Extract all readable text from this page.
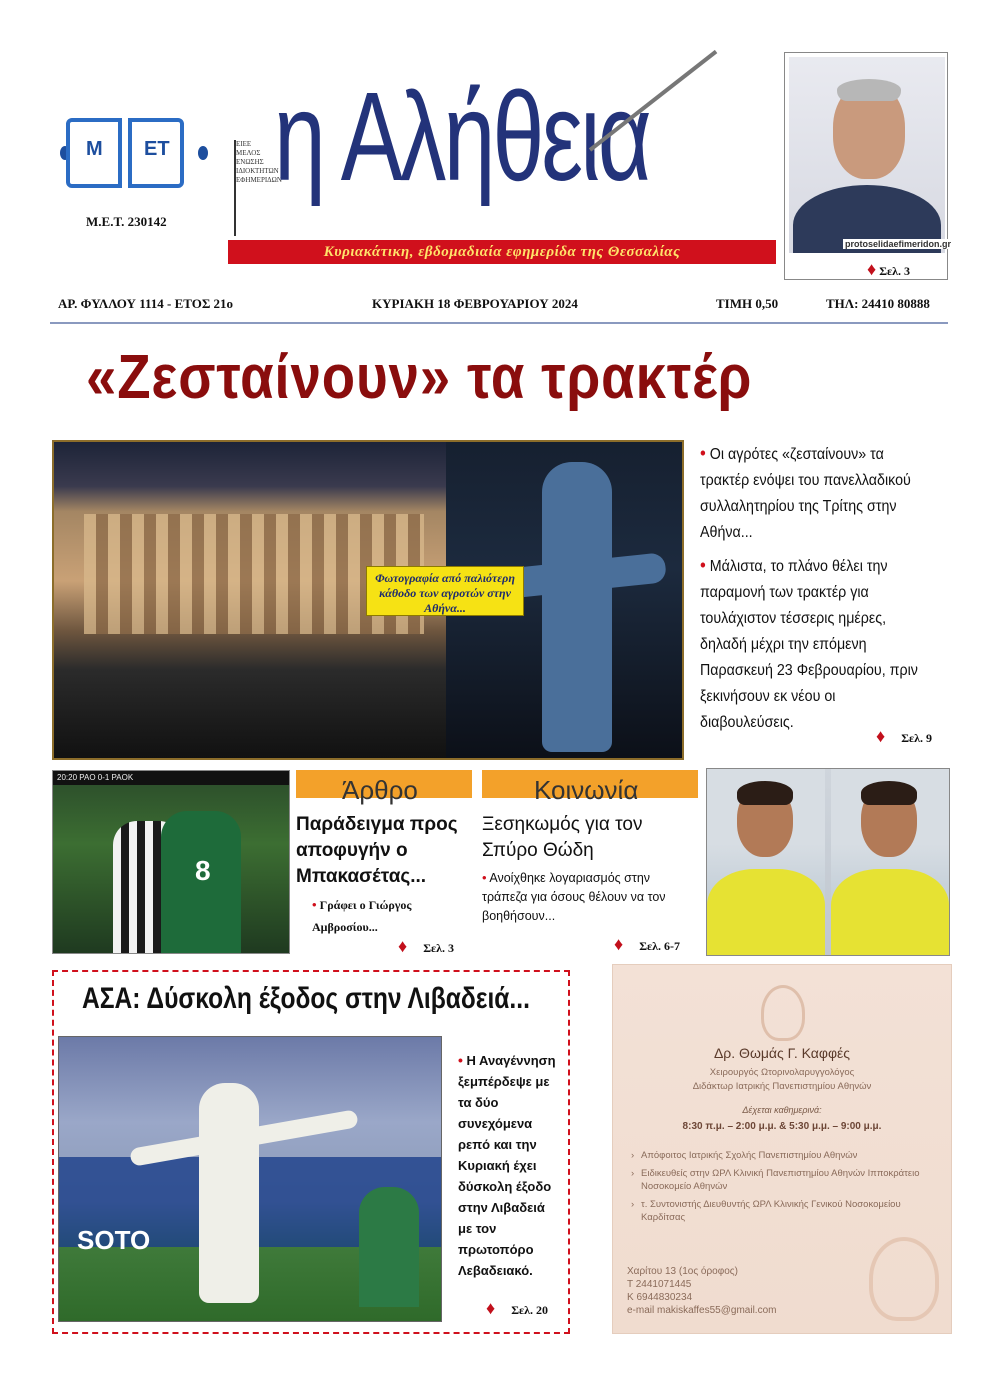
Μ ΕΤ
Μ.Ε.Τ. 230142
ΕΙΕΕ
ΜΕΛΟΣ
ΕΝΩΣΗΣ
ΙΔΙΟΚΤΗΤΩΝ
ΕΦΗΜΕΡΙΔΩΝ
η Αλήθεια
Κυριακάτικη, εβδομαδιαία εφημερίδα της Θεσσαλίας	protoselidaefimeridon.gr
♦ Σελ. 3
ΑΡ. ΦΥΛΛΟΥ 1114 - ΕΤΟΣ 21ο	ΚΥΡΙΑΚΗ 18 ΦΕΒΡΟΥΑΡΙΟΥ 2024	ΤΙΜΗ 0,50	ΤΗΛ: 24410 80888
«Ζεσταίνουν» τα τρακτέρ
Φωτογραφία από παλιότερη κάθοδο των αγροτών στην Αθήνα...

• Οι αγρότες «ζεσταίνουν» τα τρακτέρ ενόψει του πανελλαδικού συλλαλητηρίου της Τρίτης στην Αθήνα...

• Μάλιστα, το πλάνο θέλει την παραμονή των τρακτέρ για τουλάχιστον τέσσερις ημέρες, δηλαδή μέχρι την επόμενη Παρασκευή 23 Φεβρουαρίου, πριν ξεκινήσουν εκ νέου οι διαβουλεύσεις.

♦ Σελ. 9
20:20 PAO 0-1 PAOK
8
Άρθρο
Παράδειγμα προς αποφυγήν ο Μπακασέτας...
• Γράφει ο Γιώργος Αμβροσίου...
♦ Σελ. 3
Κοινωνία
Ξεσηκωμός για τον Σπύρο Θώδη
• Ανοίχθηκε λογαριασμός στην τράπεζα για όσους θέλουν να τον βοηθήσουν...
♦ Σελ. 6-7
ΑΣΑ: Δύσκολη έξοδος στην Λιβαδειά...
SOTO
• Η Αναγέννηση ξεμπέρδεψε με τα δύο συνεχόμενα ρεπό και την Κυριακή έχει δύσκολη έξοδο στην Λιβαδειά με τον πρωτοπόρο Λεβαδειακό.
♦ Σελ. 20
Δρ. Θωμάς Γ. Καφφές
Χειρουργός Ωτορινολαρυγγολόγος
Διδάκτωρ Ιατρικής Πανεπιστημίου Αθηνών
Δέχεται καθημερινά:
8:30 π.μ. – 2:00 μ.μ. & 5:30 μ.μ. – 9:00 μ.μ.
› Απόφοιτος Ιατρικής Σχολής Πανεπιστημίου Αθηνών
› Ειδικευθείς στην ΩΡΛ Κλινική Πανεπιστημίου Αθηνών Ιπποκράτειο Νοσοκομείο Αθηνών
› τ. Συντονιστής Διευθυντής ΩΡΛ Κλινικής Γενικού Νοσοκομείου Καρδίτσας
Χαρίτου 13 (1ος όροφος)
Τ 2441071445
Κ 6944830234
e-mail makiskaffes55@gmail.com
